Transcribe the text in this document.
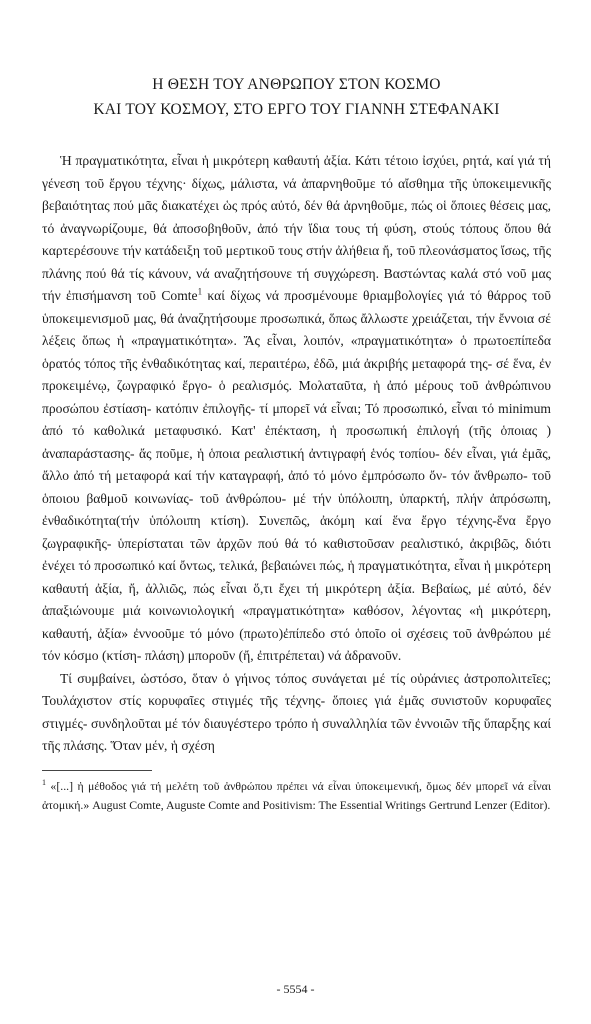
Η ΘΕΣΗ ΤΟΥ ΑΝΘΡΩΠΟΥ ΣΤΟΝ ΚΟΣΜΟ
ΚΑΙ ΤΟΥ ΚΟΣΜΟΥ, ΣΤΟ ΕΡΓΟ ΤΟΥ ΓΙΑΝΝΗ ΣΤΕΦΑΝΑΚΙ

Ἡ πραγματικότητα, εἶναι ἡ μικρότερη καθαυτή ἀξία. Κάτι τέτοιο ἰσχύει, ρητά, καί γιά τή γένεση τοῦ ἔργου τέχνης· δίχως, μάλιστα, νά ἀπαρνηθοῦμε τό αἴσθημα τῆς ὑποκειμενικῆς βεβαιότητας πού μᾶς διακατέχει ὡς πρός αὐτό, δέν θά ἀρνηθοῦμε, πώς οἱ ὅποιες θέσεις μας, τό ἀναγνωρίζουμε, θά ἀποσοβηθοῦν, ἀπό τήν ἴδια τους τή φύση, στούς τόπους ὅπου θά καρτερέσουνε τήν κατάδειξη τοῦ μερτικοῦ τους στήν ἀλήθεια ἤ, τοῦ πλεονάσματος ἴσως, τῆς πλάνης πού θά τίς κάνουν, νά αναζητήσουνε τή συγχώρεση. Βαστώντας καλά στό νοῦ μας τήν ἐπισήμανση τοῦ Comte$^1$ καί δίχως νά προσμένουμε θριαμβολογίες γιά τό θάρρος τοῦ ὑποκειμενισμοῦ μας, θά ἀναζητήσουμε προσωπικά, ὅπως ἄλλωστε χρειάζεται, τήν ἔννοια σέ λέξεις ὅπως ἡ «πραγματικότητα». Ἄς εἶναι, λοιπόν, «πραγματικότητα» ὁ πρωτοεπίπεδα ὁρατός τόπος τῆς ἐνθαδικότητας καί, περαιτέρω, ἐδῶ, μιά ἀκριβής μεταφορά της- σέ ἕνα, ἐν προκειμένῳ, ζωγραφικό ἔργο- ὁ ρεαλισμός. Μολαταῦτα, ἡ ἀπό μέρους τοῦ ἀνθρώπινου προσώπου ἐστίαση- κατόπιν ἐπιλογῆς- τί μπορεῖ νά εἶναι; Τό προσωπικό, εἶναι τό minimum ἀπό τό καθολικά μεταφυσικό. Κατ' ἐπέκταση, ἡ προσωπική ἐπιλογή (τῆς ὁποιας ) ἀναπαράστασης- ἄς ποῦμε, ἡ ὁποια ρεαλιστική ἀντιγραφή ἑνός τοπίου- δέν εἶναι, γιά ἐμᾶς, ἄλλο ἀπό τή μεταφορά καί τήν καταγραφή, ἀπό τό μόνο ἐμπρόσωπο ὄν- τόν ἄνθρωπο- τοῦ ὁποιου βαθμοῦ κοινωνίας- τοῦ ἀνθρώπου- μέ τήν ὑπόλοιπη, ὑπαρκτή, πλήν ἀπρόσωπη, ἐνθαδικότητα(τήν ὑπόλοιπη κτίση). Συνεπῶς, ἀκόμη καί ἕνα ἔργο τέχνης-ἕνα ἔργο ζωγραφικῆς- ὑπερίσταται τῶν ἀρχῶν πού θά τό καθιστοῦσαν ρεαλιστικό, ἀκριβῶς, διότι ἐνέχει τό προσωπικό καί ὄντως, τελικά, βεβαιώνει πώς, ἡ πραγματικότητα, εἶναι ἡ μικρότερη καθαυτή ἀξία, ἤ, ἀλλιῶς, πώς εἶναι ὅ,τι ἔχει τή μικρότερη ἀξία. Βεβαίως, μέ αὐτό, δέν ἀπαξιώνουμε μιά κοινωνιολογική «πραγματικότητα» καθόσον, λέγοντας «ἡ μικρότερη, καθαυτή, ἀξία» ἐννοοῦμε τό μόνο (πρωτο)ἐπίπεδο στό ὁποῖο οἱ σχέσεις τοῦ ἀνθρώπου μέ τόν κόσμο (κτίση- πλάση) μποροῦν (ἤ, ἐπιτρέπεται) νά ἀδρανοῦν.

Τί συμβαίνει, ὡστόσο, ὅταν ὁ γήινος τόπος συνάγεται μέ τίς οὐράνιες ἀστροπολιτεῖες; Τουλάχιστον στίς κορυφαῖες στιγμές τῆς τέχνης- ὅποιες γιά ἐμᾶς συνιστοῦν κορυφαῖες στιγμές- συνδηλοῦται μέ τόν διαυγέστερο τρόπο ἡ συναλληλία τῶν ἐννοιῶν τῆς ὕπαρξης καί τῆς πλάσης. Ὅταν μέν, ἡ σχέση

$^1$ «[...] ἡ μέθοδος γιά τή μελέτη τοῦ ἀνθρώπου πρέπει νά εἶναι ὑποκειμενική, ὅμως δέν μπορεῖ νά εἶναι ἀτομική.» August Comte, Auguste Comte and Positivism: The Essential Writings Gertrund Lenzer (Editor).
- 5554 -
